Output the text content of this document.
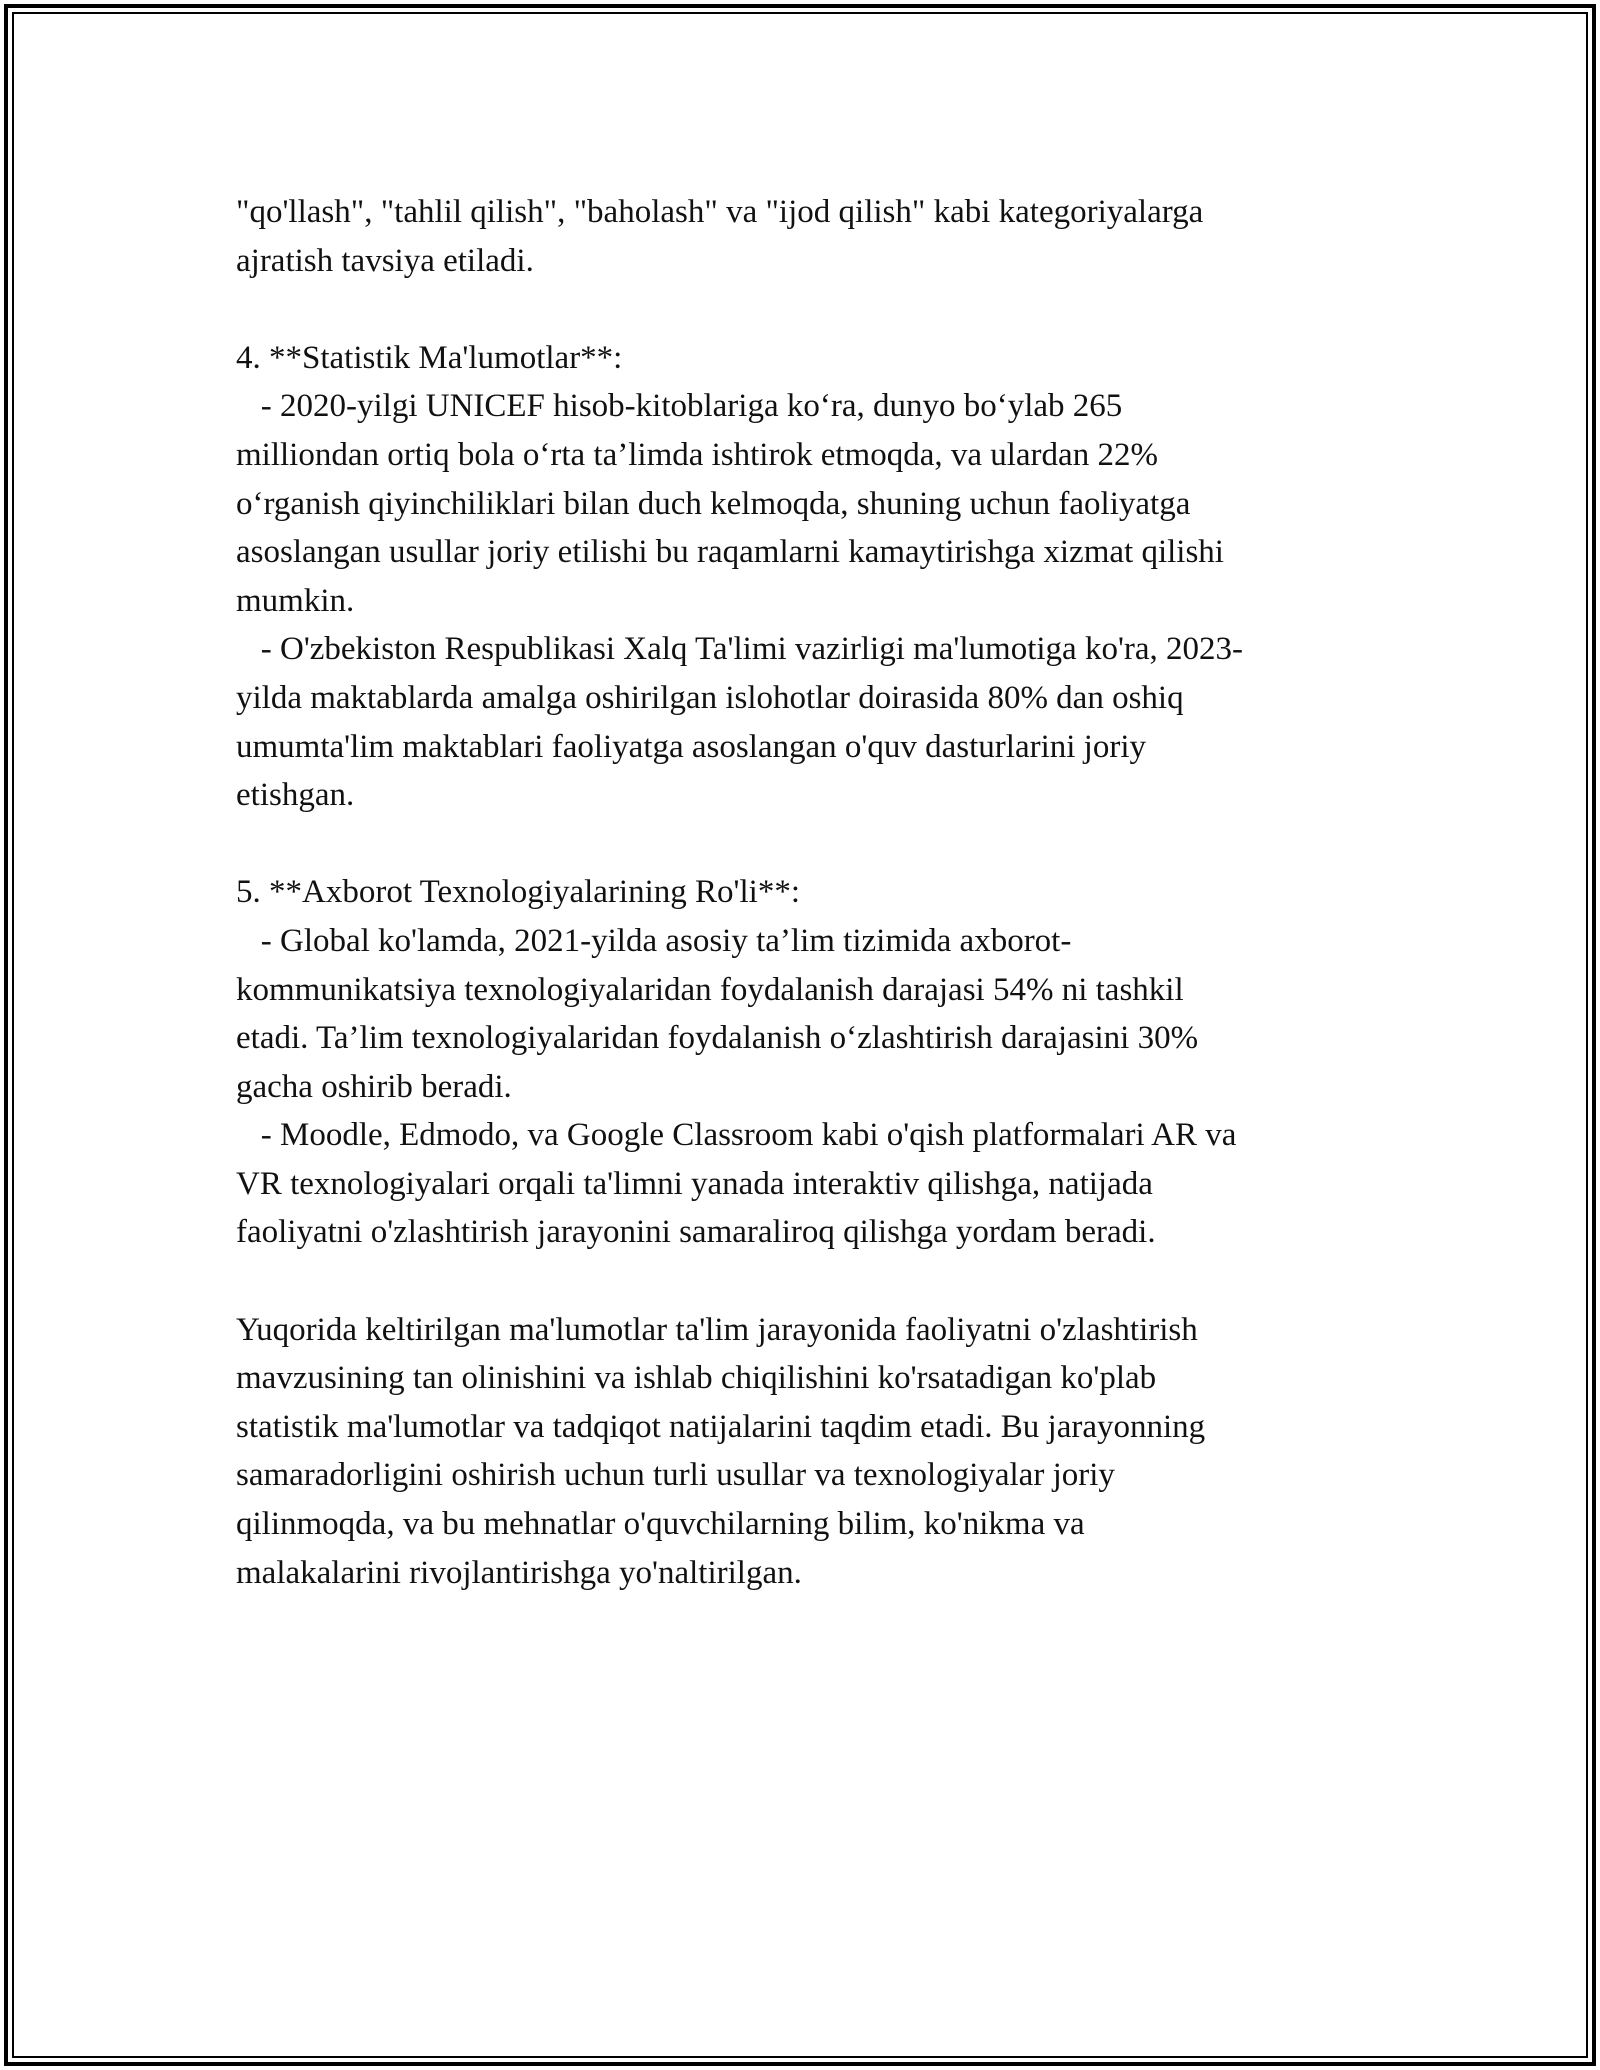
"qo'llash", "tahlil qilish", "baholash" va "ijod qilish" kabi kategoriyalarga
ajratish tavsiya etiladi.
4. **Statistik Ma'lumotlar**:
- 2020-yilgi UNICEF hisob-kitoblariga ko‘ra, dunyo bo‘ylab 265
milliondan ortiq bola o‘rta ta’limda ishtirok etmoqda, va ulardan 22%
o‘rganish qiyinchiliklari bilan duch kelmoqda, shuning uchun faoliyatga
asoslangan usullar joriy etilishi bu raqamlarni kamaytirishga xizmat qilishi
mumkin.
- O'zbekiston Respublikasi Xalq Ta'limi vazirligi ma'lumotiga ko'ra, 2023-
yilda maktablarda amalga oshirilgan islohotlar doirasida 80% dan oshiq
umumta'lim maktablari faoliyatga asoslangan o'quv dasturlarini joriy
etishgan.
5. **Axborot Texnologiyalarining Ro'li**:
- Global ko'lamda, 2021-yilda asosiy ta’lim tizimida axborot-
kommunikatsiya texnologiyalaridan foydalanish darajasi 54% ni tashkil
etadi. Ta’lim texnologiyalaridan foydalanish o‘zlashtirish darajasini 30%
gacha oshirib beradi.
- Moodle, Edmodo, va Google Classroom kabi o'qish platformalari AR va
VR texnologiyalari orqali ta'limni yanada interaktiv qilishga, natijada
faoliyatni o'zlashtirish jarayonini samaraliroq qilishga yordam beradi.
Yuqorida keltirilgan ma'lumotlar ta'lim jarayonida faoliyatni o'zlashtirish
mavzusining tan olinishini va ishlab chiqilishini ko'rsatadigan ko'plab
statistik ma'lumotlar va tadqiqot natijalarini taqdim etadi. Bu jarayonning
samaradorligini oshirish uchun turli usullar va texnologiyalar joriy
qilinmoqda, va bu mehnatlar o'quvchilarning bilim, ko'nikma va
malakalarini rivojlantirishga yo'naltirilgan.
